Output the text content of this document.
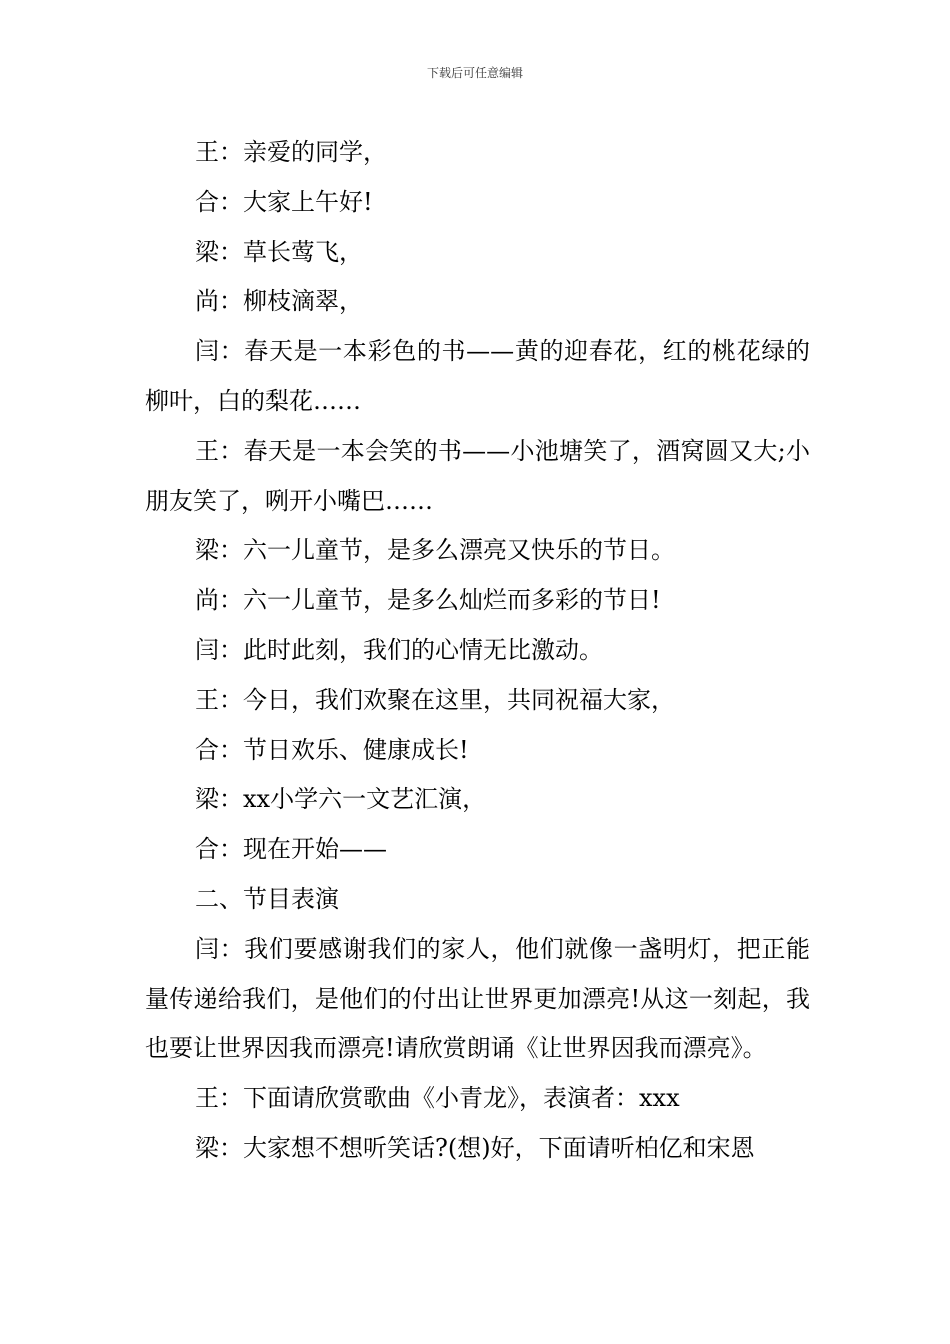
下载后可任意编辑

王：亲爱的同学，

合：大家上午好!

梁：草长莺飞，

尚：柳枝滴翠，

闫：春天是一本彩色的书——黄的迎春花，红的桃花绿的柳叶，白的梨花……

王：春天是一本会笑的书——小池塘笑了，酒窝圆又大;小朋友笑了，咧开小嘴巴……

梁：六一儿童节，是多么漂亮又快乐的节日。

尚：六一儿童节，是多么灿烂而多彩的节日!

闫：此时此刻，我们的心情无比激动。

王：今日，我们欢聚在这里，共同祝福大家，

合：节日欢乐、健康成长!

梁：xx小学六一文艺汇演，

合：现在开始——

二、节目表演

闫：我们要感谢我们的家人，他们就像一盏明灯，把正能量传递给我们，是他们的付出让世界更加漂亮!从这一刻起，我也要让世界因我而漂亮!请欣赏朗诵《让世界因我而漂亮》。

王：下面请欣赏歌曲《小青龙》，表演者：xxx

梁：大家想不想听笑话?(想)好，下面请听柏亿和宋恩
